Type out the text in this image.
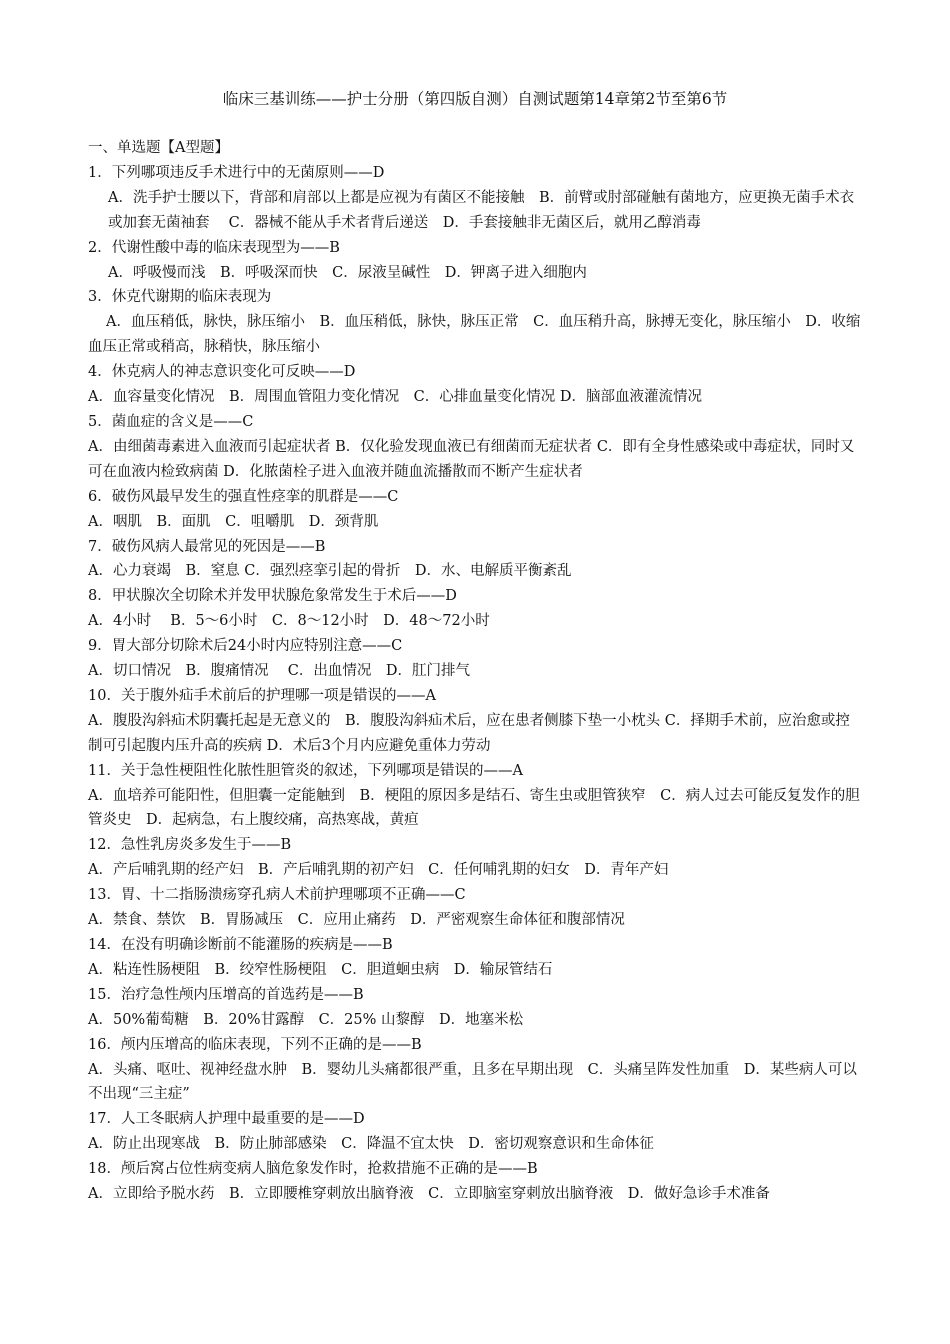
临床三基训练——护士分册（第四版自测）自测试题第14章第2节至第6节

一、单选题【A型题】

1．下列哪项违反手术进行中的无菌原则——D

A．洗手护士腰以下，背部和肩部以上都是应视为有菌区不能接触　B．前臂或肘部碰触有菌地方，应更换无菌手术衣或加套无菌袖套　 C．器械不能从手术者背后递送　D．手套接触非无菌区后，就用乙醇消毒

2．代谢性酸中毒的临床表现型为——B

A．呼吸慢而浅　B．呼吸深而快　C．尿液呈碱性　D．钾离子进入细胞内

3．休克代谢期的临床表现为

A．血压稍低，脉快，脉压缩小　B．血压稍低，脉快，脉压正常　C．血压稍升高，脉搏无变化，脉压缩小　D．收缩血压正常或稍高，脉稍快，脉压缩小

4．休克病人的神志意识变化可反映——D

A．血容量变化情况　B．周围血管阻力变化情况　C．心排血量变化情况 D．脑部血液灌流情况

5．菌血症的含义是——C

A．由细菌毒素进入血液而引起症状者 B．仅化验发现血液已有细菌而无症状者 C．即有全身性感染或中毒症状，同时又可在血液内检致病菌 D．化脓菌栓子进入血液并随血流播散而不断产生症状者

6．破伤风最早发生的强直性痉挛的肌群是——C

A．咽肌　B．面肌　C．咀嚼肌　D．颈背肌

7．破伤风病人最常见的死因是——B

A．心力衰竭　B．窒息 C．强烈痉挛引起的骨折　D．水、电解质平衡紊乱

8．甲状腺次全切除术并发甲状腺危象常发生于术后——D

A．4小时　 B．5～6小时　C．8～12小时　D．48～72小时

9．胃大部分切除术后24小时内应特别注意——C

A．切口情况　B．腹痛情况　 C．出血情况　D．肛门排气

10．关于腹外疝手术前后的护理哪一项是错误的——A

A．腹股沟斜疝术阴囊托起是无意义的　B．腹股沟斜疝术后，应在患者侧膝下垫一小枕头 C．择期手术前，应治愈或控制可引起腹内压升高的疾病 D．术后3个月内应避免重体力劳动

11．关于急性梗阻性化脓性胆管炎的叙述，下列哪项是错误的——A

A．血培养可能阳性，但胆囊一定能触到　B．梗阻的原因多是结石、寄生虫或胆管狭窄　C．病人过去可能反复发作的胆管炎史　D．起病急，右上腹绞痛，高热寒战，黄疸

12．急性乳房炎多发生于——B

A．产后哺乳期的经产妇　B．产后哺乳期的初产妇　C．任何哺乳期的妇女　D．青年产妇

13．胃、十二指肠溃疡穿孔病人术前护理哪项不正确——C

A．禁食、禁饮　B．胃肠减压　C．应用止痛药　D．严密观察生命体征和腹部情况

14．在没有明确诊断前不能灌肠的疾病是——B

A．粘连性肠梗阻　B．绞窄性肠梗阻　C．胆道蛔虫病　D．输尿管结石

15．治疗急性颅内压增高的首选药是——B

A．50%葡萄糖　B．20%甘露醇　C．25% 山黎醇　D．地塞米松

16．颅内压增高的临床表现，下列不正确的是——B

A．头痛、呕吐、视神经盘水肿　B．婴幼儿头痛都很严重，且多在早期出现　C．头痛呈阵发性加重　D．某些病人可以不出现“三主症”

17．人工冬眠病人护理中最重要的是——D

A．防止出现寒战　B．防止肺部感染　C．降温不宜太快　D．密切观察意识和生命体征

18．颅后窝占位性病变病人脑危象发作时，抢救措施不正确的是——B

A．立即给予脱水药　B．立即腰椎穿刺放出脑脊液　C．立即脑室穿刺放出脑脊液　D．做好急诊手术准备
